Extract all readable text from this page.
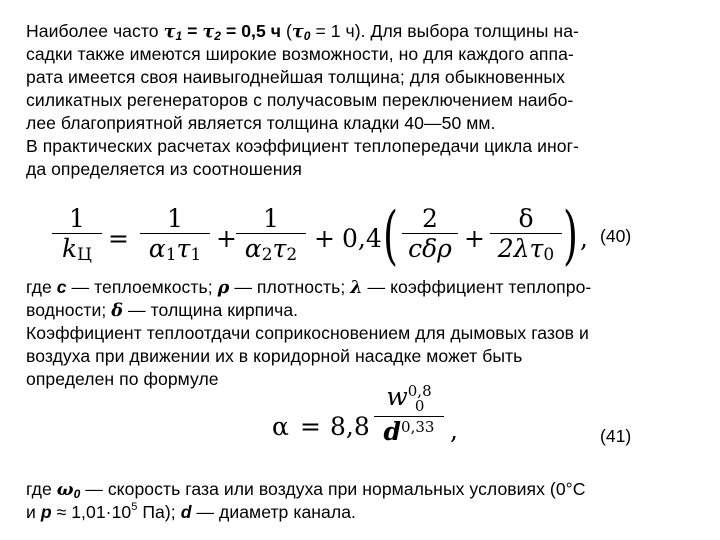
Наиболее часто $\tau_1 = \tau_2 = 0,5$ ч ($\tau_0 = 1$ ч). Для выбора толщины на-
садки также имеются широкие возможности, но для каждого аппа-
рата имеется своя наивыгоднейшая толщина; для обыкновенных
силикатных регенераторов с получасовым переключением наибо-
лее благоприятной является толщина кладки 40—50 мм.
В практических расчетах коэффициент теплопередачи цикла иног-
да определяется из соотношения
1
$k_Ц$
=
1
$\alpha_1\tau_1$
+
1
$\alpha_2\tau_2$
+ 0,4 ( 2
cδρ +
δ
$2\lambda\tau_0$ ) , (40)
где c — теплоемкость; ρ — плотность; λ — коэффициент теплопро-
водности; δ — толщина кирпича.
Коэффициент теплоотдачи соприкосновением для дымовых газов и
воздуха при движении их в коридорной насадке может быть
определен по формуле
α = 8,8
w 0,8
0
$d^{0,33}$ ,	(41)
где $\omega_0$ — скорость газа или воздуха при нормальных условиях (0°С
и $p \approx 1,01\cdot 10^5$ Па); d — диаметр канала.
